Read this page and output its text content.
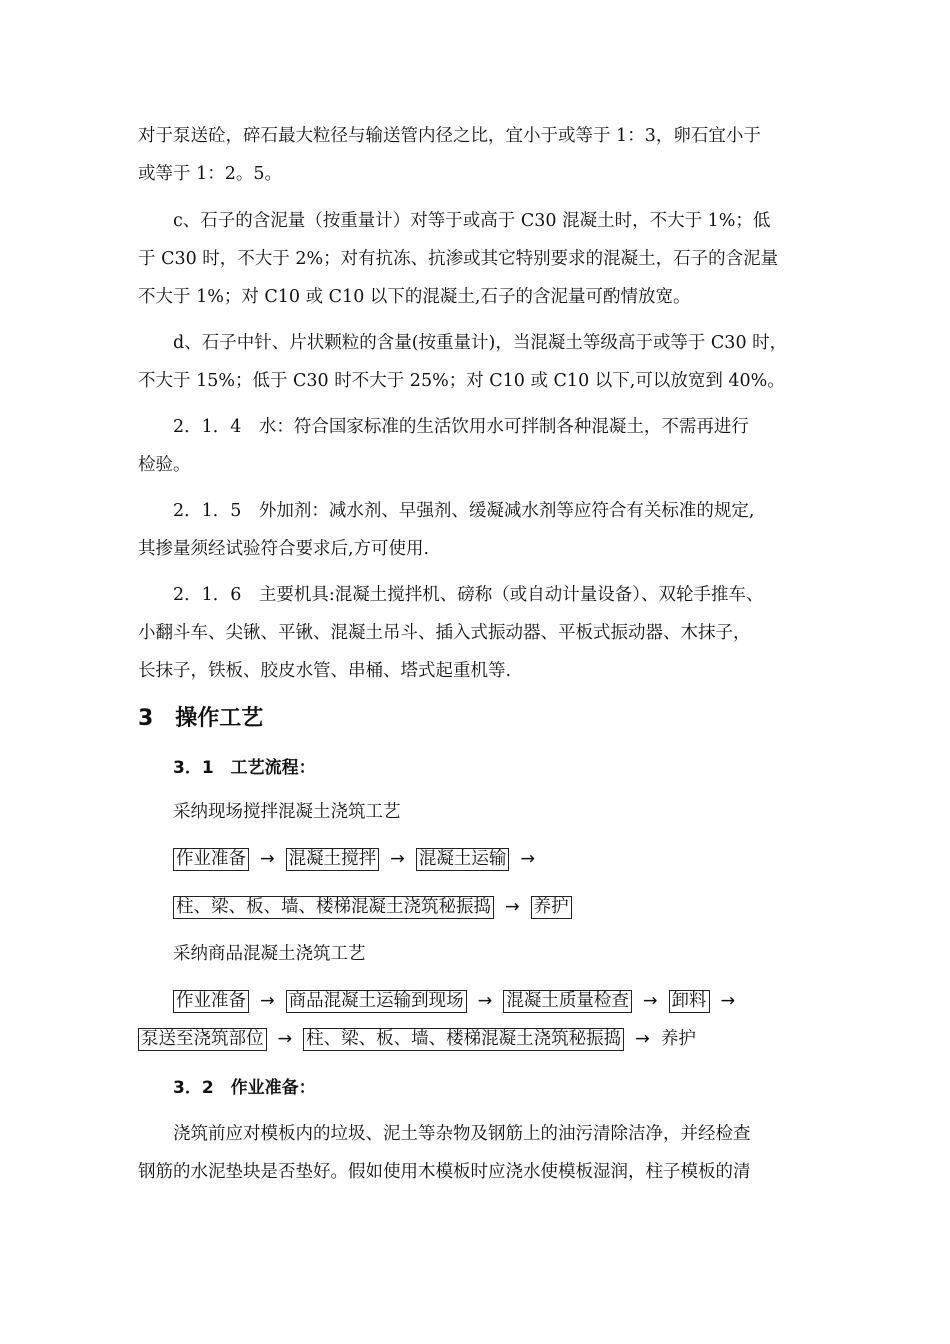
对于泵送砼，碎石最大粒径与输送管内径之比，宜小于或等于 1：3，卵石宜小于
或等于 1：2。5。
c、石子的含泥量（按重量计）对等于或高于 C30 混凝土时，不大于 1%；低
于 C30 时，不大于 2%；对有抗冻、抗渗或其它特别要求的混凝土，石子的含泥量
不大于 1%；对 C10 或 C10 以下的混凝土,石子的含泥量可酌情放宽。
d、石子中针、片状颗粒的含量(按重量计)，当混凝土等级高于或等于 C30 时，
不大于 15%；低于 C30 时不大于 25%；对 C10 或 C10 以下,可以放宽到 40%。
2．1．4　水：符合国家标准的生活饮用水可拌制各种混凝土，不需再进行
检验。
2．1．5　外加剂：减水剂、早强剂、缓凝减水剂等应符合有关标准的规定,
其掺量须经试验符合要求后,方可使用.
2．1．6　主要机具:混凝土搅拌机、磅称（或自动计量设备）、双轮手推车、
小翻斗车、尖锹、平锹、混凝土吊斗、插入式振动器、平板式振动器、木抹子，
长抹子，铁板、胶皮水管、串桶、塔式起重机等.
3　操作工艺
3．1　工艺流程：
采纳现场搅拌混凝土浇筑工艺
作业准备 → 混凝土搅拌 → 混凝土运输 →
柱、梁、板、墙、楼梯混凝土浇筑秘振捣 → 养护
采纳商品混凝土浇筑工艺
作业准备 → 商品混凝土运输到现场 → 混凝土质量检查 → 卸料 →
泵送至浇筑部位 → 柱、梁、板、墙、楼梯混凝土浇筑秘振捣 → 养护
3．2　作业准备：
浇筑前应对模板内的垃圾、泥土等杂物及钢筋上的油污清除洁净，并经检查
钢筋的水泥垫块是否垫好。假如使用木模板时应浇水使模板湿润，柱子模板的清
